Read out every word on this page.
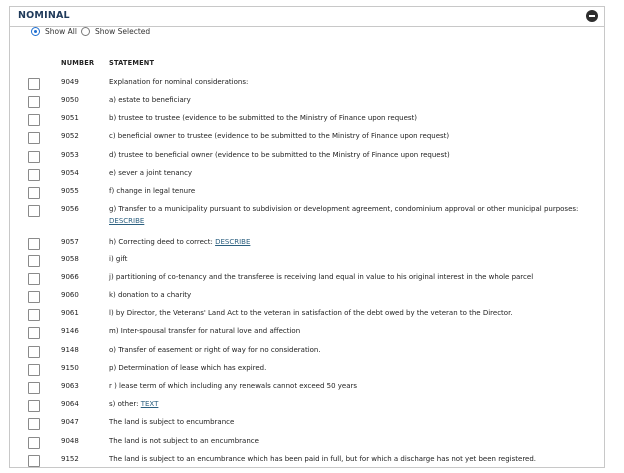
NOMINAL
Show All Show Selected
NUMBER STATEMENT
9049	Explanation for nominal considerations:
9050	a) estate to beneficiary
9051	b) trustee to trustee (evidence to be submitted to the Ministry of Finance upon request)
9052	c) beneficial owner to trustee (evidence to be submitted to the Ministry of Finance upon request)
9053	d) trustee to beneficial owner (evidence to be submitted to the Ministry of Finance upon request)
9054	e) sever a joint tenancy
9055	f) change in legal tenure
9056	g) Transfer to a municipality pursuant to subdivision or development agreement, condominium approval or other municipal purposes:
DESCRIBE
9057	h) Correcting deed to correct: DESCRIBE
9058	i) gift
9066	j) partitioning of co-tenancy and the transferee is receiving land equal in value to his original interest in the whole parcel
9060	k) donation to a charity
9061	l) by Director, the Veterans' Land Act to the veteran in satisfaction of the debt owed by the veteran to the Director.
9146	m) Inter-spousal transfer for natural love and affection
9148	o) Transfer of easement or right of way for no consideration.
9150	p) Determination of lease which has expired.
9063	r ) lease term of which including any renewals cannot exceed 50 years
9064	s) other: TEXT
9047	The land is subject to encumbrance
9048	The land is not subject to an encumbrance
9152	The land is subject to an encumbrance which has been paid in full, but for which a discharge has not yet been registered.
